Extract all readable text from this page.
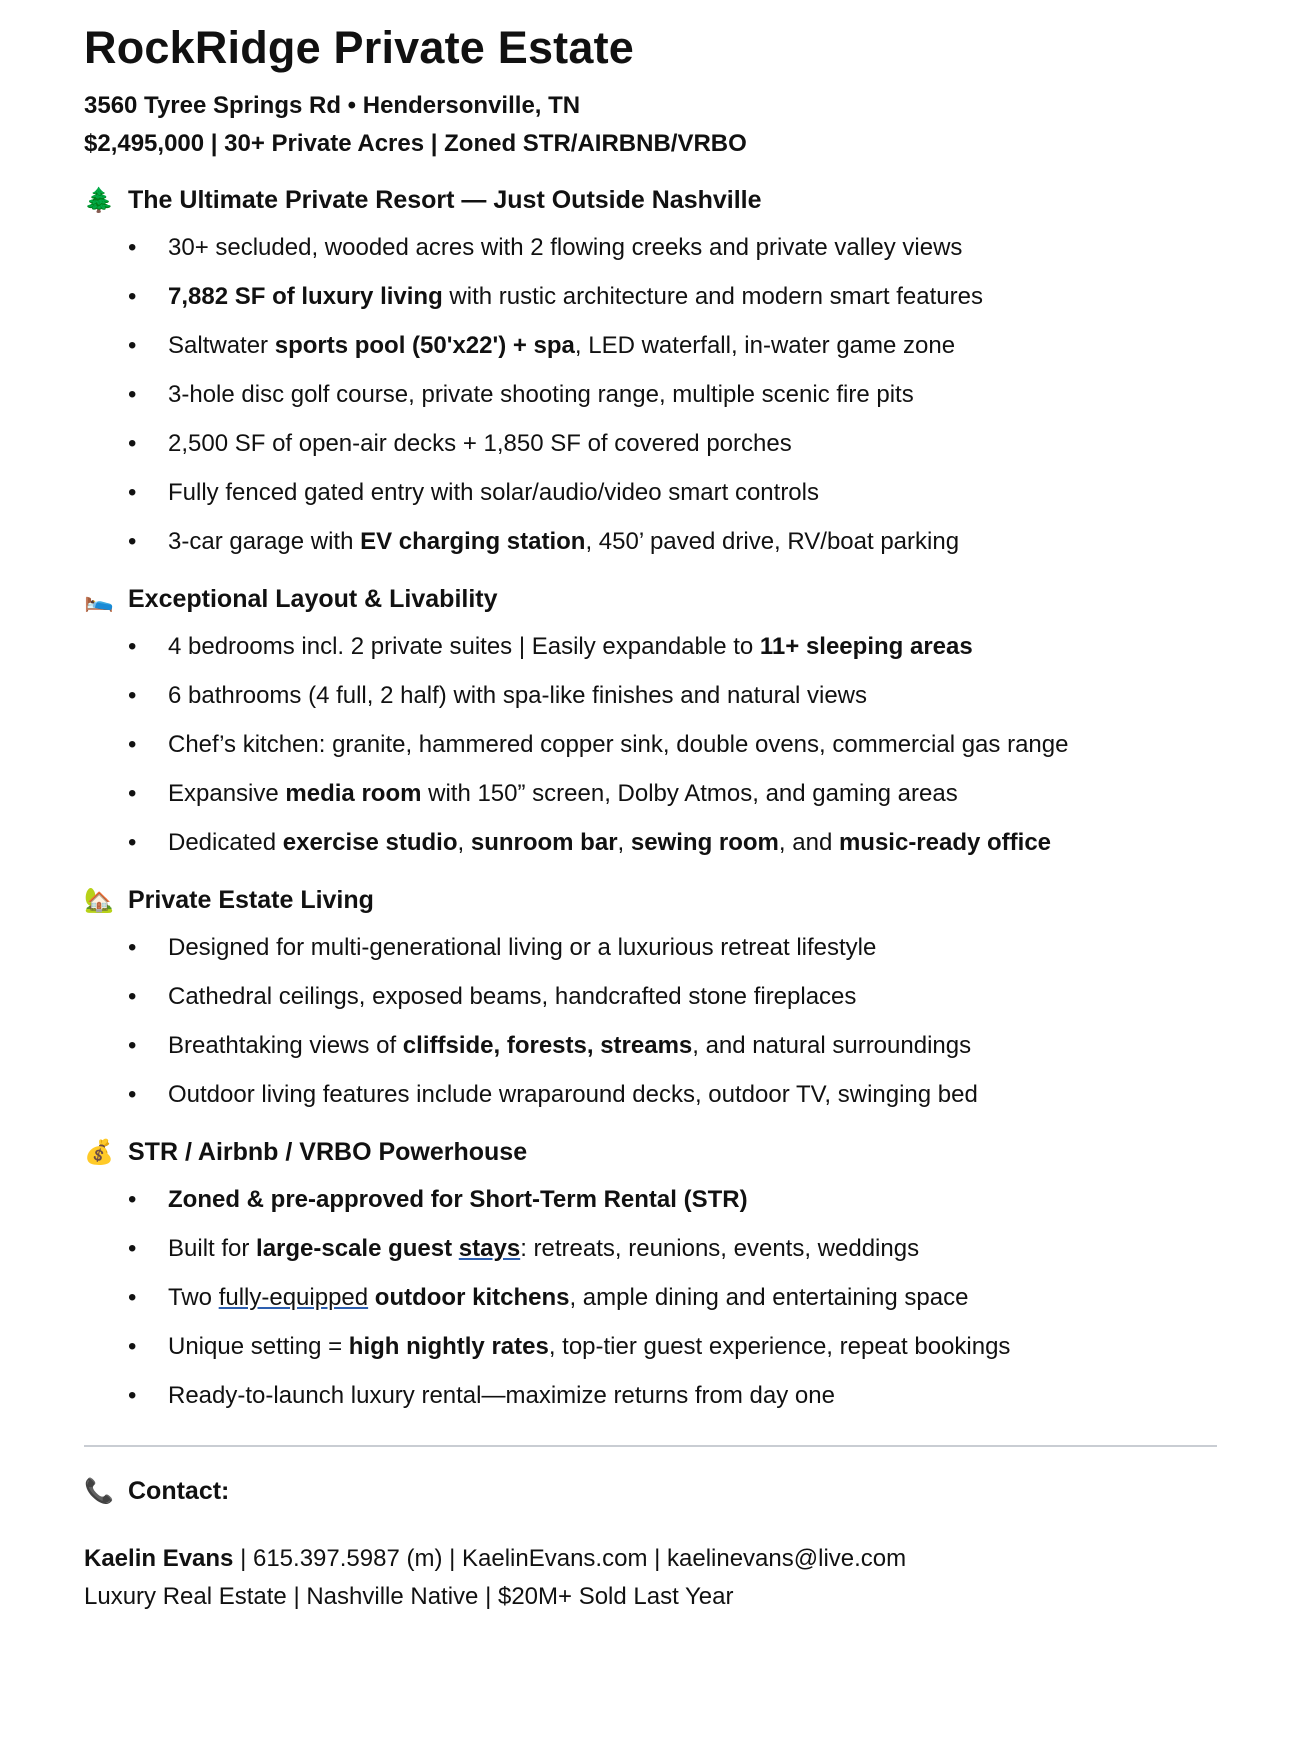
RockRidge Private Estate
3560 Tyree Springs Rd • Hendersonville, TN
$2,495,000 | 30+ Private Acres | Zoned STR/AIRBNB/VRBO
🌲 The Ultimate Private Resort — Just Outside Nashville
• 30+ secluded, wooded acres with 2 flowing creeks and private valley views
• 7,882 SF of luxury living with rustic architecture and modern smart features
• Saltwater sports pool (50'x22') + spa, LED waterfall, in-water game zone
• 3-hole disc golf course, private shooting range, multiple scenic fire pits
• 2,500 SF of open-air decks + 1,850 SF of covered porches
• Fully fenced gated entry with solar/audio/video smart controls
• 3-car garage with EV charging station, 450’ paved drive, RV/boat parking
🛌 Exceptional Layout & Livability
• 4 bedrooms incl. 2 private suites | Easily expandable to 11+ sleeping areas
• 6 bathrooms (4 full, 2 half) with spa-like finishes and natural views
• Chef’s kitchen: granite, hammered copper sink, double ovens, commercial gas range
• Expansive media room with 150” screen, Dolby Atmos, and gaming areas
• Dedicated exercise studio, sunroom bar, sewing room, and music-ready office
🏡 Private Estate Living
• Designed for multi-generational living or a luxurious retreat lifestyle
• Cathedral ceilings, exposed beams, handcrafted stone fireplaces
• Breathtaking views of cliffside, forests, streams, and natural surroundings
• Outdoor living features include wraparound decks, outdoor TV, swinging bed
💰 STR / Airbnb / VRBO Powerhouse
• Zoned & pre-approved for Short-Term Rental (STR)
• Built for large-scale guest stays: retreats, reunions, events, weddings
• Two fully-equipped outdoor kitchens, ample dining and entertaining space
• Unique setting = high nightly rates, top-tier guest experience, repeat bookings
• Ready-to-launch luxury rental—maximize returns from day one
📞 Contact:
Kaelin Evans | 615.397.5987 (m) | KaelinEvans.com | kaelinevans@live.com
Luxury Real Estate | Nashville Native | $20M+ Sold Last Year
